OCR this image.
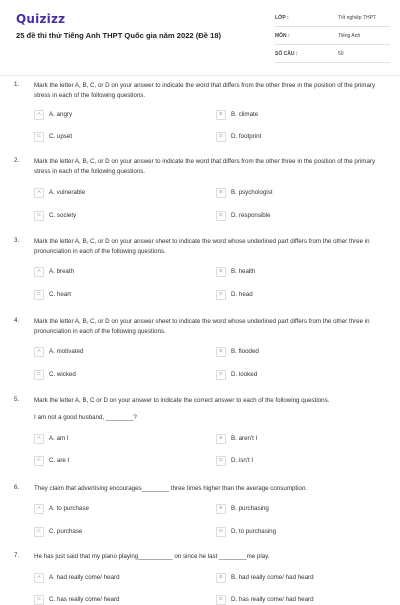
Quizizz
25 đề thi thử Tiếng Anh THPT Quốc gia năm 2022 (Đề 18)
LỚP :	Tốt nghiệp THPT
MÔN :	Tiếng Anh
SỐ CÂU :	50
1. Mark the letter A, B, C, or D on your answer to indicate the word that differs from the other three in the position of the primary stress in each of the following questions.
A	A. angry	B	B. climate
C	C. upset	D	D. footprint
2. Mark the letter A, B, C, or D on your answer to indicate the word that differs from the other three in the position of the primary stress in each of the following questions.
A	A. vulnerable	B	B. psychologist
C	C. society	D	D. responsible
3. Mark the letter A, B, C, or D on your answer sheet to indicate the word whose underlined part differs from the other three in pronunciation in each of the following questions.
A	A. breath	B	B. health
C	C. heart	D	D. head
4. Mark the letter A, B, C, or D on your answer sheet to indicate the word whose underlined part differs from the other three in pronunciation in each of the following questions.
A	A. motivated	B	B. flooded
C	C. wicked	D	D. looked
5. Mark the letter A, B, C or D on your answer to indicate the correct answer to each of the following questions.
I am not a good husband, ________?
A	A. am I	B	B. aren't I
C	C. are I	D	D. isn't I
6. They claim that advertising encourages________ three times higher than the average consumption.
A	A. to purchase	B	B. purchasing
C	C. purchase	D	D. to purchasing
7. He has just said that my piano playing__________ on since he last ________me play.
A	A. had really come/ heard	B	B. had really come/ had heard
C	C. has really come/ heard	D	D. has really come/ had heard
